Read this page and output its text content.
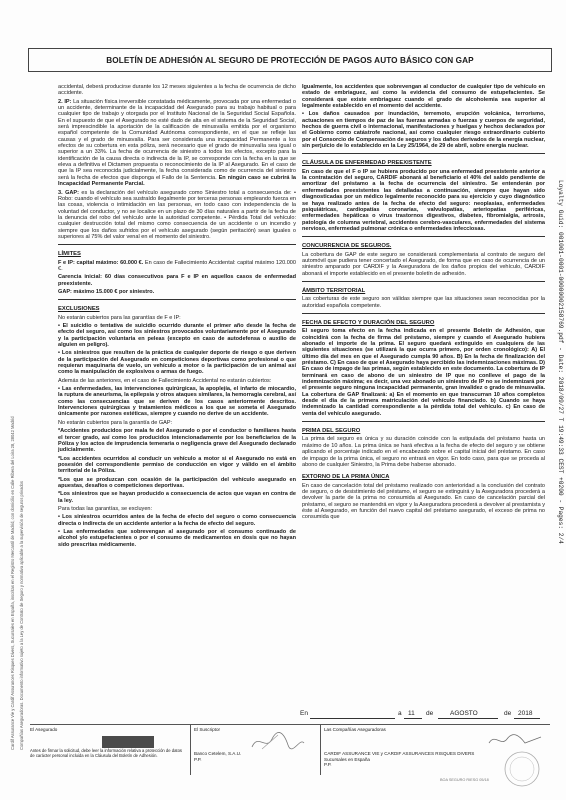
Cardif Assurance Vie y Cardif Assurances Risques Divers, Sucursales en España, inscritas en el Registro Mercantil de Madrid, con domicilio en Calle Ribera del Loira 28, 28042 Madrid Compañías Aseguradoras. Documento informativo sujeto a la Ley de Contrato de Seguro y normativa aplicable a la supervisión de seguros privados
Loyalty Guid: 001001-0001-00000002158769.pdf - Date: 2018/09/27 T 19:49:33 CEST +0200 - Pages: 2/4
BOLETÍN DE ADHESIÓN AL SEGURO DE PROTECCIÓN DE PAGOS AUTO BÁSICO CON GAP

accidental, deberá producirse durante los 12 meses siguientes a la fecha de ocurrencia de dicho accidente.

2. IP: La situación física irreversible constatada médicamente, provocada por una enfermedad o un accidente, determinante de la incapacidad del Asegurado para su trabajo habitual o para cualquier tipo de trabajo y otorgada por el Instituto Nacional de la Seguridad Social Española. En el supuesto de que el Asegurado no esté dado de alta en el sistema de la Seguridad Social, será imprescindible la aportación de la calificación de minusvalía emitida por el organismo español competente de la Comunidad Autónoma correspondiente, en el que se refleje las causas y el grado de minusvalía. Para ser considerada una incapacidad Permanente a los efectos de su cobertura en esta póliza, será necesario que el grado de minusvalía sea igual o superior a un 33%. La fecha de ocurrencia de siniestro a todos los efectos, excepto para la identificación de la causa directa o indirecta de la IP, se corresponde con la fecha en la que se eleva a definitiva el Dictamen propuesta o reconocimiento de la IP al Asegurado. En el caso de que la IP sea reconocida judicialmente, la fecha considerada como de ocurrencia del siniestro será la fecha de efectos que disponga el Fallo de la Sentencia. En ningún caso se cubrirá la Incapacidad Permanente Parcial.

3. GAP: es la declaración del vehículo asegurado como Siniestro total a consecuencia de: • Robo: cuando el vehículo sea sustraído ilegalmente por terceras personas empleando fuerza en las cosas, violencia o intimidación en las personas, en todo caso con independencia de la voluntad del conductor, y no se localice en un plazo de 30 días naturales a partir de la fecha de la denuncia del robo del vehículo ante la autoridad competente. • Pérdida Total del vehículo: cualquier destrucción total del mismo como consecuencia de un accidente o un incendio y siempre que los daños sufridos por el vehículo asegurado (según peritación) sean iguales o superiores al 75% del valor venal en el momento del siniestro.

LÍMITES

F e IP: capital máximo: 60.000 €. En caso de Fallecimiento Accidental: capital máximo 120.000 €.

Carencia inicial: 60 días consecutivos para F e IP en aquellos casos de enfermedad preexistente.

GAP: máximo 15.000 € por siniestro.

EXCLUSIONES

No estarán cubiertos para las garantías de F e IP:

• El suicidio o tentativa de suicidio ocurrido durante el primer año desde la fecha de efecto del seguro, así como los siniestros provocados voluntariamente por el Asegurado y la participación voluntaria en peleas (excepto en caso de autodefensa o auxilio de alguien en peligro).

• Los siniestros que resulten de la práctica de cualquier deporte de riesgo o que deriven de la participación del Asegurado en competiciones deportivas como profesional o que requieran maquinaria de vuelo, un vehículo a motor o la participación de un animal así como la manipulación de explosivos o armas de fuego.

Además de las anteriores, en el caso de Fallecimiento Accidental no estarán cubiertos:

• Las enfermedades, las intervenciones quirúrgicas, la apoplejía, el infarto de miocardio, la ruptura de aneurisma, la epilepsia y otros ataques similares, la hemorragia cerebral, así como las consecuencias que se deriven de los casos anteriormente descritos. Intervenciones quirúrgicas y tratamientos médicos a los que se someta el Asegurado únicamente por razones estéticas, siempre y cuando no derive de un accidente.

No estarán cubiertos para la garantía de GAP:

*Accidentes producidos por mala fe del Asegurado o por el conductor o familiares hasta el tercer grado, así como los producidos intencionadamente por los beneficiarios de la Póliza y los actos de imprudencia temeraria o negligencia grave del Asegurado declarado judicialmente.

*Los accidentes ocurridos al conducir un vehículo a motor si el Asegurado no está en posesión del correspondiente permiso de conducción en vigor y válido en el ámbito territorial de la Póliza.

*Los que se produzcan con ocasión de la participación del vehículo asegurado en apuestas, desafíos o competiciones deportivas.

*Los siniestros que se hayan producido a consecuencia de actos que vayan en contra de la ley.

Para todas las garantías, se excluyen:

• Los siniestros ocurridos antes de la fecha de efecto del seguro o como consecuencia directa o indirecta de un accidente anterior a la fecha de efecto del seguro.

• Las enfermedades que sobrevengan al asegurado por el consumo continuado de alcohol y/o estupefacientes o por el consumo de medicamentos en dosis que no hayan sido prescritas médicamente.

Igualmente, los accidentes que sobrevengan al conductor de cualquier tipo de vehículo en estado de embriaguez, así como la evidencia del consumo de estupefacientes. Se considerará que existe embriaguez cuando el grado de alcoholemia sea superior al legalmente establecido en el momento del accidente.

• Los daños causados por inundación, terremoto, erupción volcánica, terrorismo, actuaciones en tiempos de paz de las fuerzas armadas o fuerzas y cuerpos de seguridad, hechos de guerra civil o internacional, manifestaciones y huelgas y hechos declarados por el Gobierno como catástrofe nacional, así como cualquier riesgo extraordinario cubierto por el Consorcio de Compensación de seguros y los daños derivados de la energía nuclear, sin perjuicio de lo establecido en la Ley 25/1964, de 29 de abril, sobre energía nuclear.

CLÁUSULA DE ENFERMEDAD PREEXISTENTE

En caso de que el F o IP se hubiera producido por una enfermedad preexistente anterior a la contratación del seguro, CARDIF abonará al beneficiario el 40% del saldo pendiente de amortizar del préstamo a la fecha de ocurrencia del siniestro. Se entenderán por enfermedades preexistentes las detalladas a continuación, siempre que hayan sido diagnosticadas por un médico legalmente reconocido para su ejercicio y cuyo diagnóstico se haya realizado antes de la fecha de efecto del seguro: neoplasias, enfermedades psiquiátricas, cardiopatías coronarias, valvulopatías, arteriopatías periféricas, enfermedades hepáticas o virus trastornos digestivos, diabetes, fibromialgia, artrosis, patología de columna vertebral, accidentes cerebro-vasculares, enfermedades del sistema nervioso, enfermedad pulmonar crónica o enfermedades infecciosas.

CONCURRENCIA DE SEGUROS.

La cobertura de GAP de este seguro se considerará complementaria al contrato de seguro del automóvil que pudiera tener concertado el Asegurado, de forma que en caso de ocurrencia de un siniestro amparado por CARDIF y la Aseguradora de los daños propios del vehículo, CARDIF abonará el importe establecido en el presente boletín de adhesión.

ÁMBITO TERRITORIAL

Las coberturas de este seguro son válidas siempre que las situaciones sean reconocidas por la autoridad española competente.

FECHA DE EFECTO Y DURACIÓN DEL SEGURO

El seguro toma efecto en la fecha indicada en el presente Boletín de Adhesión, que coincidirá con la fecha de firma del préstamo, siempre y cuando el Asegurado hubiera abonado el importe de la prima. El seguro quedará extinguido en cualquiera de las siguientes situaciones (se utilizará la que ocurra primero, por orden cronológico): A) El último día del mes en que el Asegurado cumpla 90 años. B) En la fecha de finalización del préstamo. C) En caso de que el Asegurado haya percibido las indemnizaciones máximas. D) En caso de impago de las primas, según establecido en este documento. La cobertura de IP terminará en caso de abono de un siniestro de IP que no conlleve el pago de la indemnización máxima; es decir, una vez abonado un siniestro de IP no se indemnizará por el presente seguro ninguna incapacidad permanente, gran invalidez o grado de minusvalía. La cobertura de GAP finalizará: a) En el momento en que transcurran 10 años completos desde el día de la primera matriculación del vehículo financiado. b) Cuando se haya indemnizado la cantidad correspondiente a la pérdida total del vehículo. c) En caso de venta del vehículo asegurado.

PRIMA DEL SEGURO

La prima del seguro es única y su duración coincide con la estipulada del préstamo hasta un máximo de 10 años. La prima única se hará efectiva a la fecha de efecto del seguro y se obtiene aplicando el porcentaje indicado en el encabezado sobre el capital inicial del préstamo. En caso de impago de la prima única, el seguro no entrará en vigor. En todo caso, para que se proceda al abono de cualquier Siniestro, la Prima debe haberse abonado.

EXTORNO DE LA PRIMA ÚNICA

En caso de cancelación total del préstamo realizado con anterioridad a la conclusión del contrato de seguro, o de desistimiento del préstamo, el seguro se extinguirá y la Aseguradora procederá a devolver la parte de la prima no consumida al Asegurado. En caso de cancelación parcial del préstamo, el seguro se mantendrá en vigor y la Aseguradora procederá a devolver al prestamista y éste al Asegurado, en función del nuevo capital del préstamo asegurado, el exceso de prima no consumida que

En	a 11 de	AGOSTO	de 2018
El Asegurado
Antes de firmar la solicitud, debe leer la información relativa a protección de datos de carácter personal incluida en la Cláusula del Boletín de Adhesión.
El Suscriptor
Banco Cetelem, S.A.U.
P.P.
Las Compañías Aseguradoras
CARDIF ASSURANCE VIE y CARDIF ASSURANCES RISQUES DIVERS
Sucursales en España
P.P.
BOA SEGURO RIESG 05/18
